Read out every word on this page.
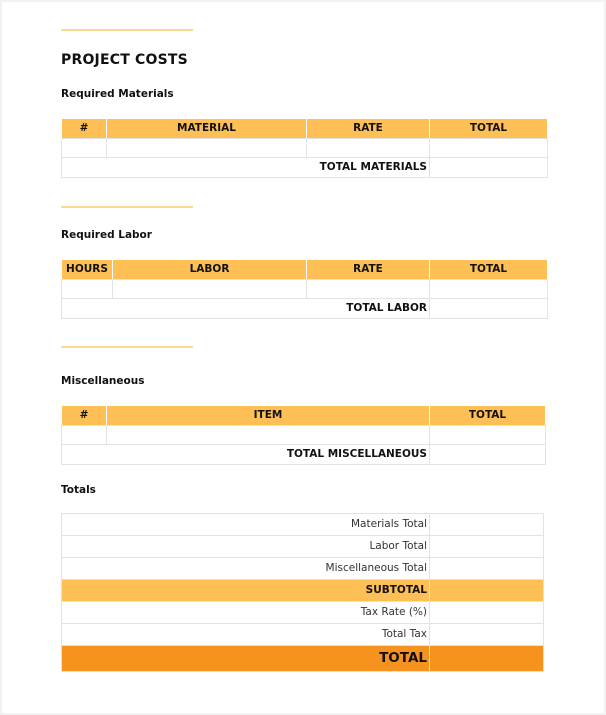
PROJECT COSTS
Required Materials
#	MATERIAL	RATE	TOTAL

TOTAL MATERIALS			
Required Labor
HOURS	LABOR	RATE	TOTAL

TOTAL LABOR			
Miscellaneous
#	ITEM	TOTAL

TOTAL MISCELLANEOUS		
Totals
Materials Total	
Labor Total	
Miscellaneous Total	
SUBTOTAL	
Tax Rate (%)	
Total Tax	
TOTAL	
